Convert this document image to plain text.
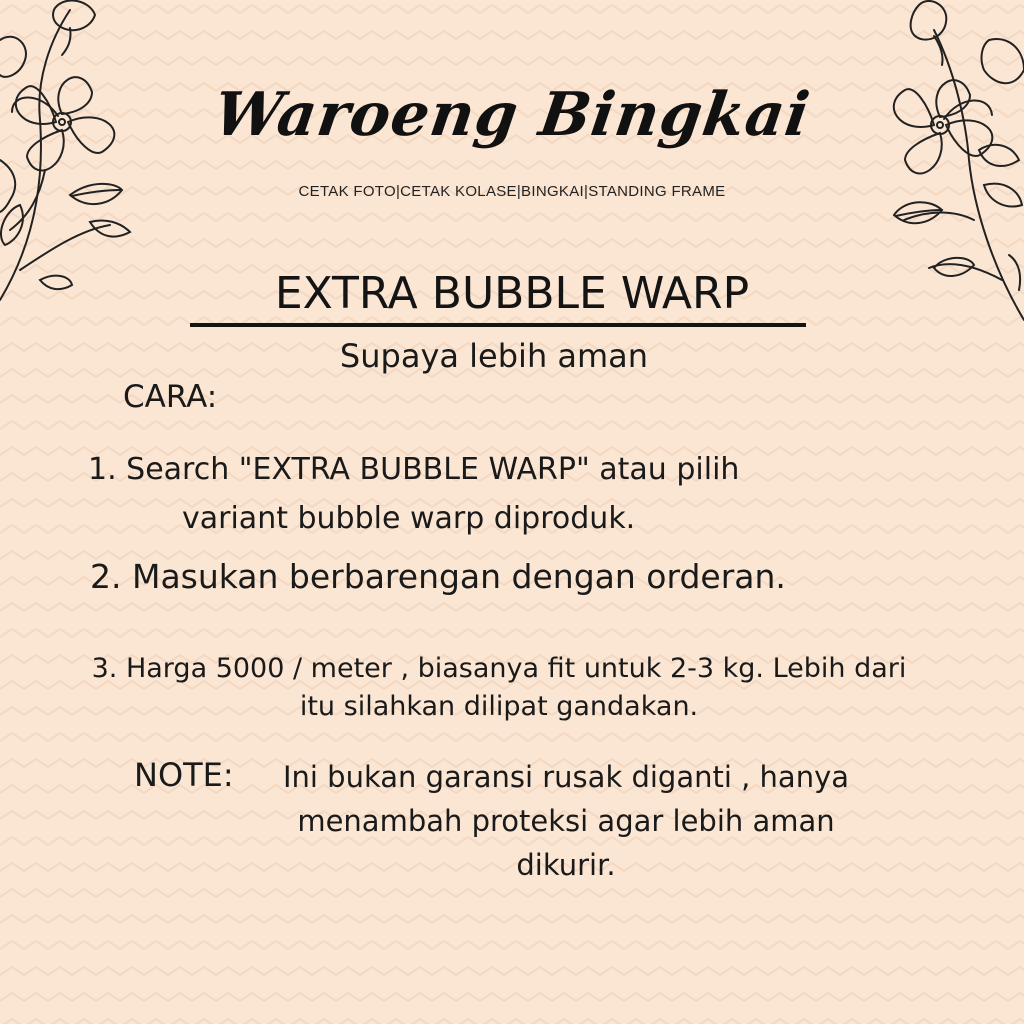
Waroeng Bingkai
CETAK FOTO|CETAK KOLASE|BINGKAI|STANDING FRAME
EXTRA BUBBLE WARP
Supaya lebih aman
CARA:
1. Search "EXTRA BUBBLE WARP" atau pilih
variant bubble warp diproduk.
2. Masukan berbarengan dengan orderan.
3. Harga 5000 / meter , biasanya fit untuk 2-3 kg. Lebih dari
itu silahkan dilipat gandakan.
NOTE:	Ini bukan garansi rusak diganti , hanya
menambah proteksi agar lebih aman
dikurir.
